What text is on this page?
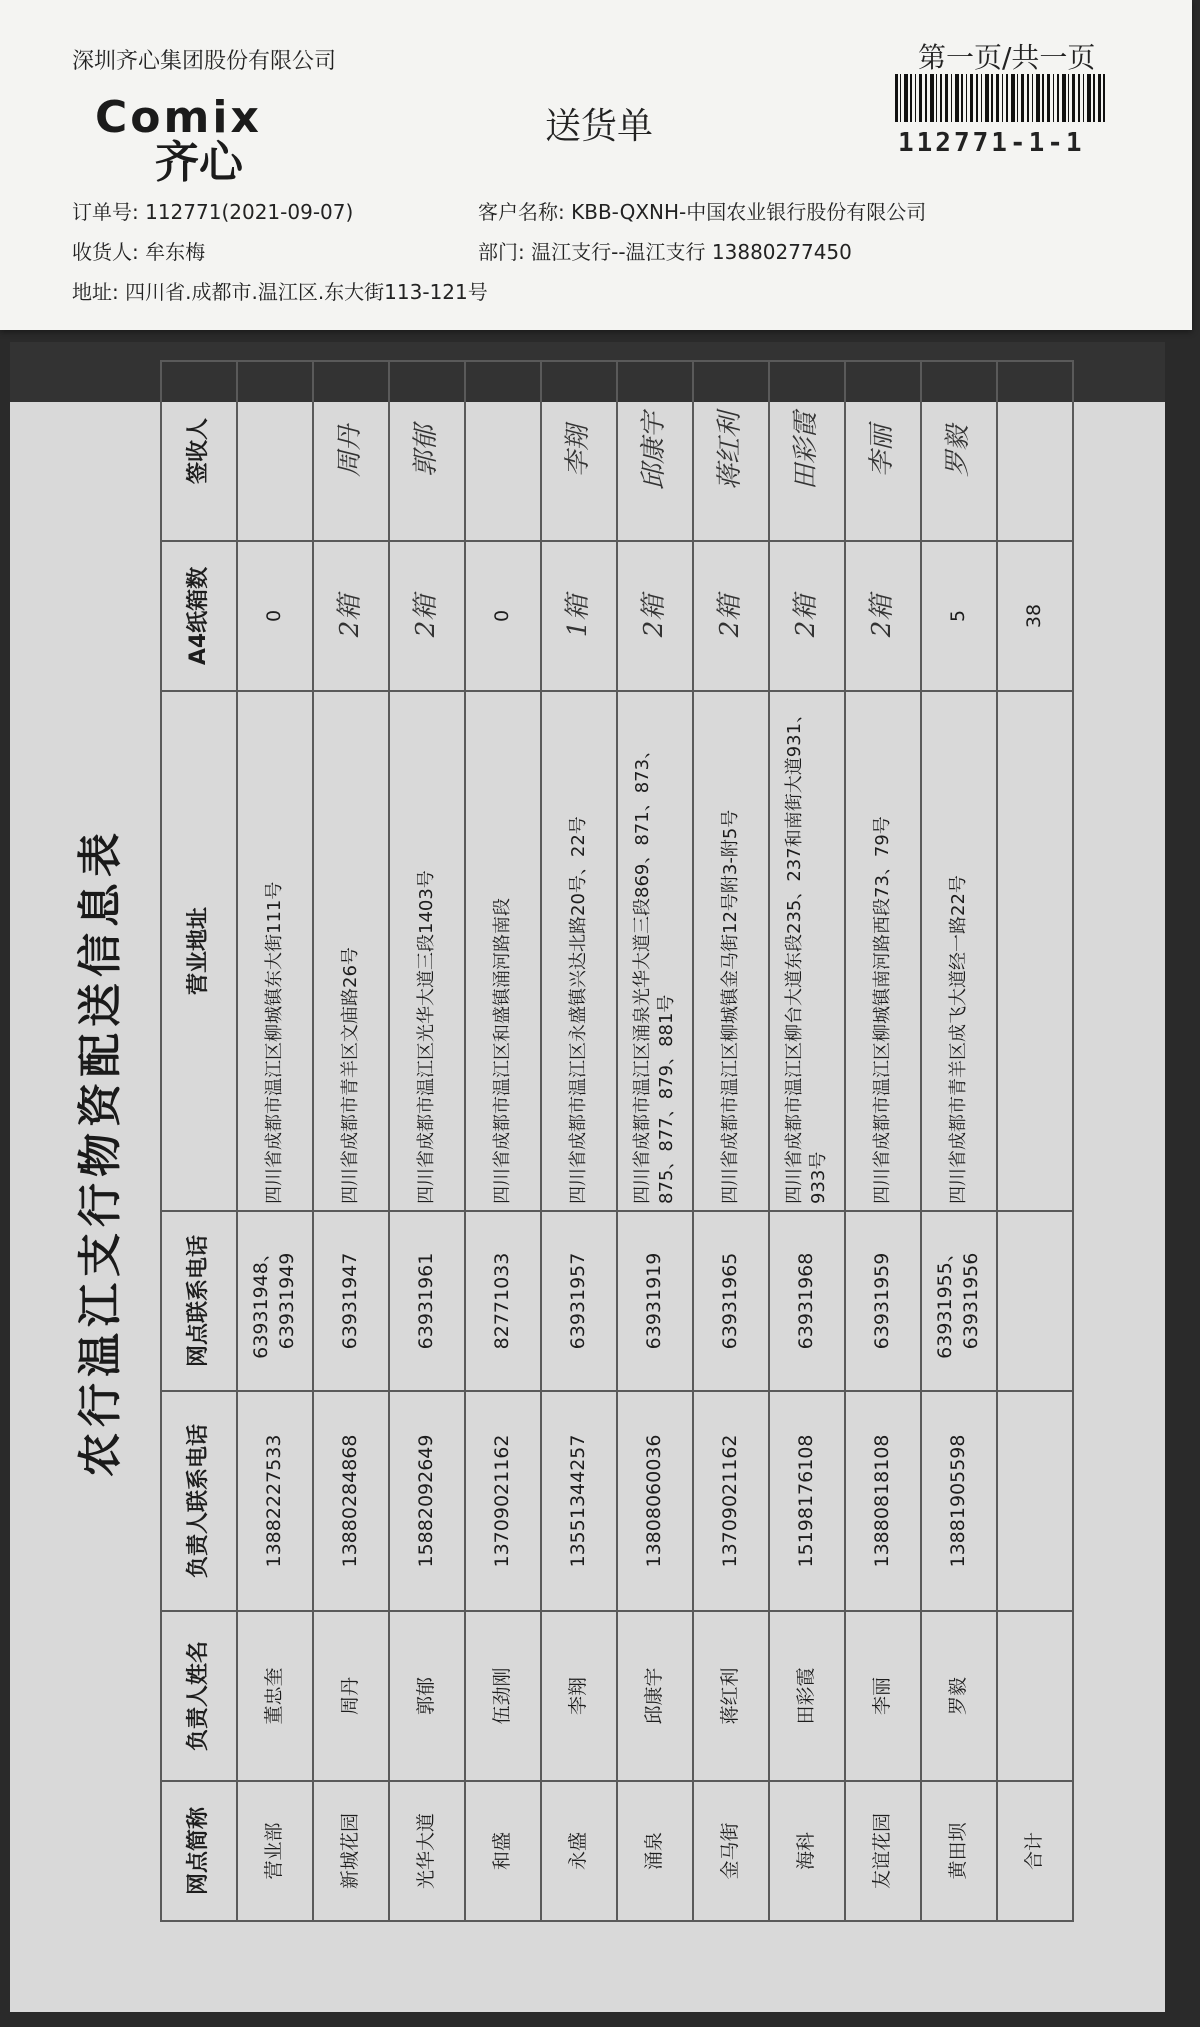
深圳齐心集团股份有限公司
Comix
齐心
送货单
第一页/共一页
112771-1-1
订单号: 112771(2021-09-07)
收货人: 牟东梅
地址: 四川省.成都市.温江区.东大街113-121号
客户名称: KBB-QXNH-中国农业银行股份有限公司
部门: 温江支行--温江支行 13880277450
农行温江支行物资配送信息表
网点简称	负责人姓名	负责人联系电话	网点联系电话	营业地址	A4纸箱数	签收人
营业部	董忠奎	13882227533	63931948、63931949	四川省成都市温江区柳城镇东大街111号	0	
新城花园	周丹	13880284868	63931947	四川省成都市青羊区文庙路26号	2箱	周丹
光华大道	郭郁	15882092649	63931961	四川省成都市温江区光华大道三段1403号	2箱	郭郁
和盛	伍劲刚	13709021162	82771033	四川省成都市温江区和盛镇涌河路南段	0	
永盛	李翔	13551344257	63931957	四川省成都市温江区永盛镇兴达北路20号、22号	1箱	李翔
涌泉	邱康宇	13808060036	63931919	四川省成都市温江区涌泉光华大道三段869、871、873、875、877、879、881号	2箱	邱康宇
金马街	蒋红利	13709021162	63931965	四川省成都市温江区柳城镇金马街12号附3-附5号	2箱	蒋红利
海科	田彩霞	15198176108	63931968	四川省成都市温江区柳台大道东段235、237和南街大道931、933号	2箱	田彩霞
友谊花园	李丽	13880818108	63931959	四川省成都市温江区柳城镇南河路西段73、79号	2箱	李丽
黄田坝	罗毅	13881905598	63931955、63931956	四川省成都市青羊区成飞大道经一路22号	5	罗毅
合计					38	
